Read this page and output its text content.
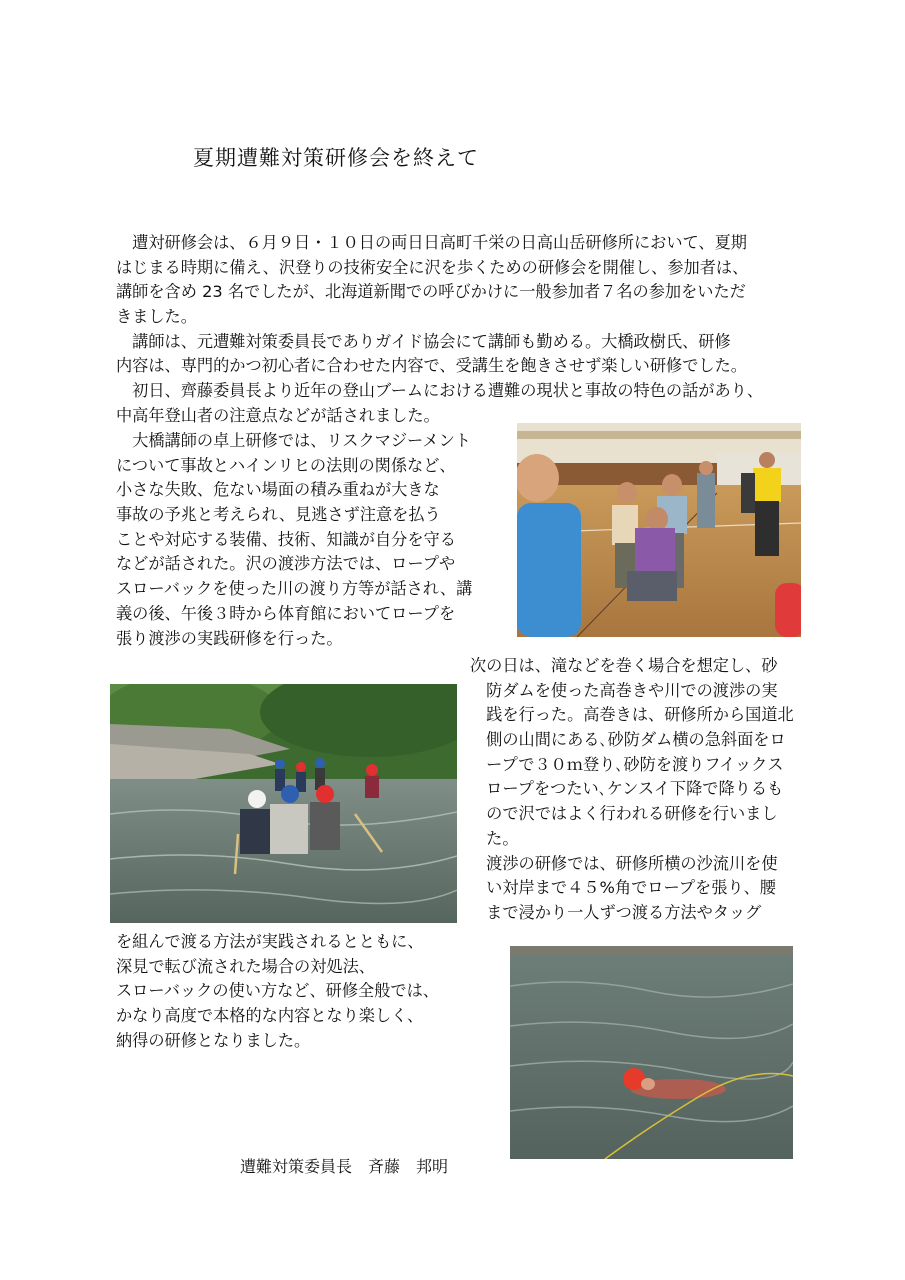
夏期遭難対策研修会を終えて
　遭対研修会は、６月９日・１０日の両日日高町千栄の日高山岳研修所において、夏期
はじまる時期に備え、沢登りの技術安全に沢を歩くための研修会を開催し、参加者は、
講師を含め 23 名でしたが、北海道新聞での呼びかけに一般参加者７名の参加をいただ
きました。
　講師は、元遭難対策委員長でありガイド協会にて講師も勤める。大橋政樹氏、研修
内容は、専門的かつ初心者に合わせた内容で、受講生を飽きさせず楽しい研修でした。
　初日、齊藤委員長より近年の登山ブームにおける遭難の現状と事故の特色の話があり、
中高年登山者の注意点などが話されました。
　大橋講師の卓上研修では、リスクマジーメント
について事故とハインリヒの法則の関係など、
小さな失敗、危ない場面の積み重ねが大きな
事故の予兆と考えられ、見逃さず注意を払う
ことや対応する装備、技術、知識が自分を守る
などが話された。沢の渡渉方法では、ロープや
スローバックを使った川の渡り方等が話され、講
義の後、午後３時から体育館においてロープを
張り渡渉の実践研修を行った。
次の日は、滝などを巻く場合を想定し、砂
　防ダムを使った高巻きや川での渡渉の実
　践を行った。高巻きは、研修所から国道北
　側の山間にある､砂防ダム横の急斜面をロ
　ープで３０ｍ登り､砂防を渡りフイックス
　ロープをつたい､ケンスイ下降で降りるも
　ので沢ではよく行われる研修を行いまし
　た。
　渡渉の研修では、研修所横の沙流川を使
　い対岸まで４５%角でロープを張り、腰
　まで浸かり一人ずつ渡る方法やタッグ
を組んで渡る方法が実践されるとともに、
深見で転び流された場合の対処法、
スローバックの使い方など、研修全般では、
かなり高度で本格的な内容となり楽しく、
納得の研修となりました。
遭難対策委員長　斉藤　邦明
